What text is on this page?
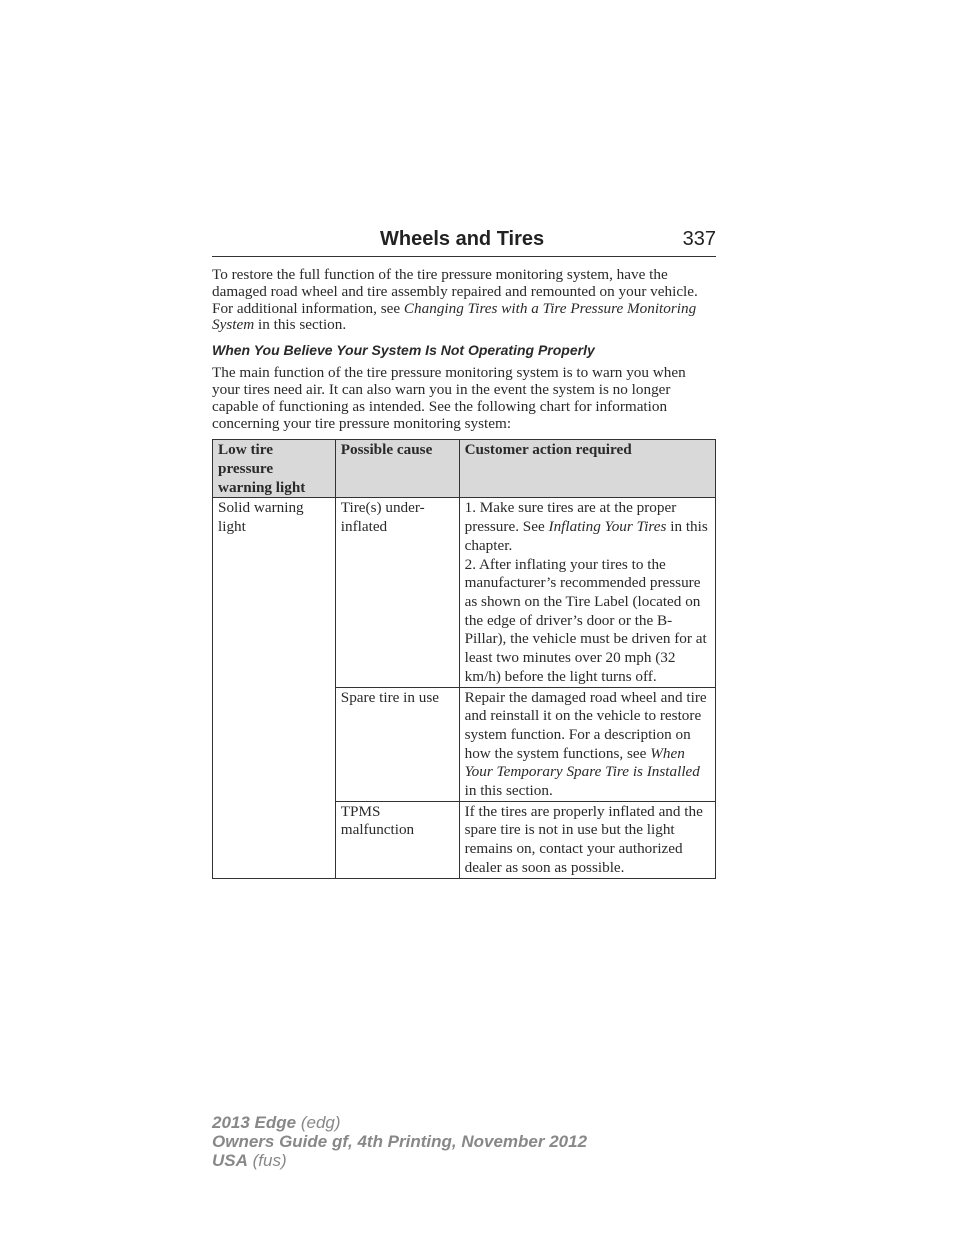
Wheels and Tires	337

To restore the full function of the tire pressure monitoring system, have the damaged road wheel and tire assembly repaired and remounted on your vehicle. For additional information, see Changing Tires with a Tire Pressure Monitoring System in this section.

When You Believe Your System Is Not Operating Properly

The main function of the tire pressure monitoring system is to warn you when your tires need air. It can also warn you in the event the system is no longer capable of functioning as intended. See the following chart for information concerning your tire pressure monitoring system:

Low tire pressure warning light	Possible cause	Customer action required
Solid warning light	Tire(s) under-inflated	1. Make sure tires are at the proper pressure. See Inflating Your Tires in this chapter.
2. After inflating your tires to the manufacturer’s recommended pressure as shown on the Tire Label (located on the edge of driver’s door or the B-Pillar), the vehicle must be driven for at least two minutes over 20 mph (32 km/h) before the light turns off.
	Spare tire in use	Repair the damaged road wheel and tire and reinstall it on the vehicle to restore system function. For a description on how the system functions, see When Your Temporary Spare Tire is Installed in this section.
	TPMS malfunction	If the tires are properly inflated and the spare tire is not in use but the light remains on, contact your authorized dealer as soon as possible.
2013 Edge (edg)
Owners Guide gf, 4th Printing, November 2012
USA (fus)
